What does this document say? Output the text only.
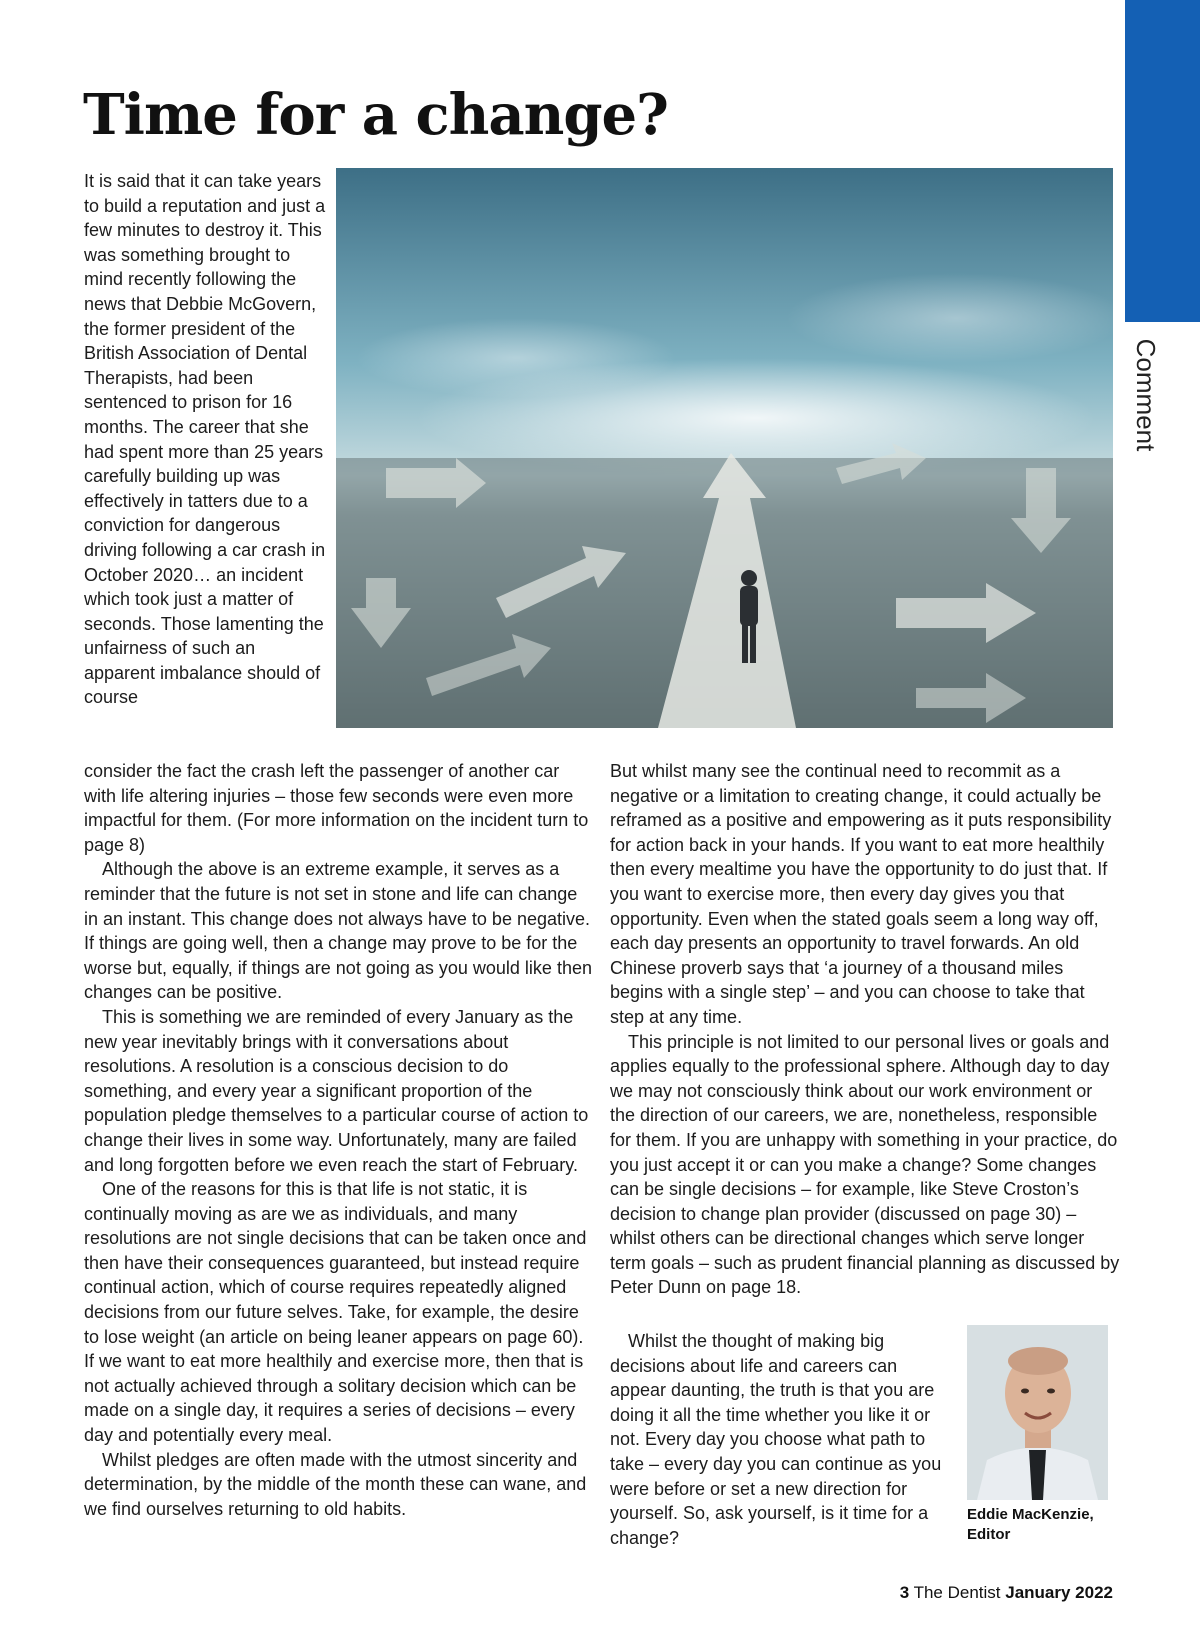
Comment
Time for a change?
It is said that it can take years to build a reputation and just a few minutes to destroy it. This was something brought to mind recently following the news that Debbie McGovern, the former president of the British Association of Dental Therapists, had been sentenced to prison for 16 months. The career that she had spent more than 25 years carefully building up was effectively in tatters due to a conviction for dangerous driving following a car crash in October 2020… an incident which took just a matter of seconds. Those lamenting the unfairness of such an apparent imbalance should of course

consider the fact the crash left the passenger of another car with life altering injuries – those few seconds were even more impactful for them. (For more information on the incident turn to page 8)

Although the above is an extreme example, it serves as a reminder that the future is not set in stone and life can change in an instant. This change does not always have to be negative. If things are going well, then a change may prove to be for the worse but, equally, if things are not going as you would like then changes can be positive.

This is something we are reminded of every January as the new year inevitably brings with it conversations about resolutions. A resolution is a conscious decision to do something, and every year a significant proportion of the population pledge themselves to a particular course of action to change their lives in some way. Unfortunately, many are failed and long forgotten before we even reach the start of February.

One of the reasons for this is that life is not static, it is continually moving as are we as individuals, and many resolutions are not single decisions that can be taken once and then have their consequences guaranteed, but instead require continual action, which of course requires repeatedly aligned decisions from our future selves. Take, for example, the desire to lose weight (an article on being leaner appears on page 60). If we want to eat more healthily and exercise more, then that is not actually achieved through a solitary decision which can be made on a single day, it requires a series of decisions – every day and potentially every meal.

Whilst pledges are often made with the utmost sincerity and determination, by the middle of the month these can wane, and we find ourselves returning to old habits.

But whilst many see the continual need to recommit as a negative or a limitation to creating change, it could actually be reframed as a positive and empowering as it puts responsibility for action back in your hands. If you want to eat more healthily then every mealtime you have the opportunity to do just that. If you want to exercise more, then every day gives you that opportunity. Even when the stated goals seem a long way off, each day presents an opportunity to travel forwards. An old Chinese proverb says that ‘a journey of a thousand miles begins with a single step’ – and you can choose to take that step at any time.

This principle is not limited to our personal lives or goals and applies equally to the professional sphere. Although day to day we may not consciously think about our work environment or the direction of our careers, we are, nonetheless, responsible for them. If you are unhappy with something in your practice, do you just accept it or can you make a change? Some changes can be single decisions – for example, like Steve Croston’s decision to change plan provider (discussed on page 30) – whilst others can be directional changes which serve longer term goals – such as prudent financial planning as discussed by Peter Dunn on page 18.

Whilst the thought of making big decisions about life and careers can appear daunting, the truth is that you are doing it all the time whether you like it or not. Every day you choose what path to take – every day you can continue as you were before or set a new direction for yourself. So, ask yourself, is it time for a change?

Eddie MacKenzie,
Editor
3 The Dentist January 2022
